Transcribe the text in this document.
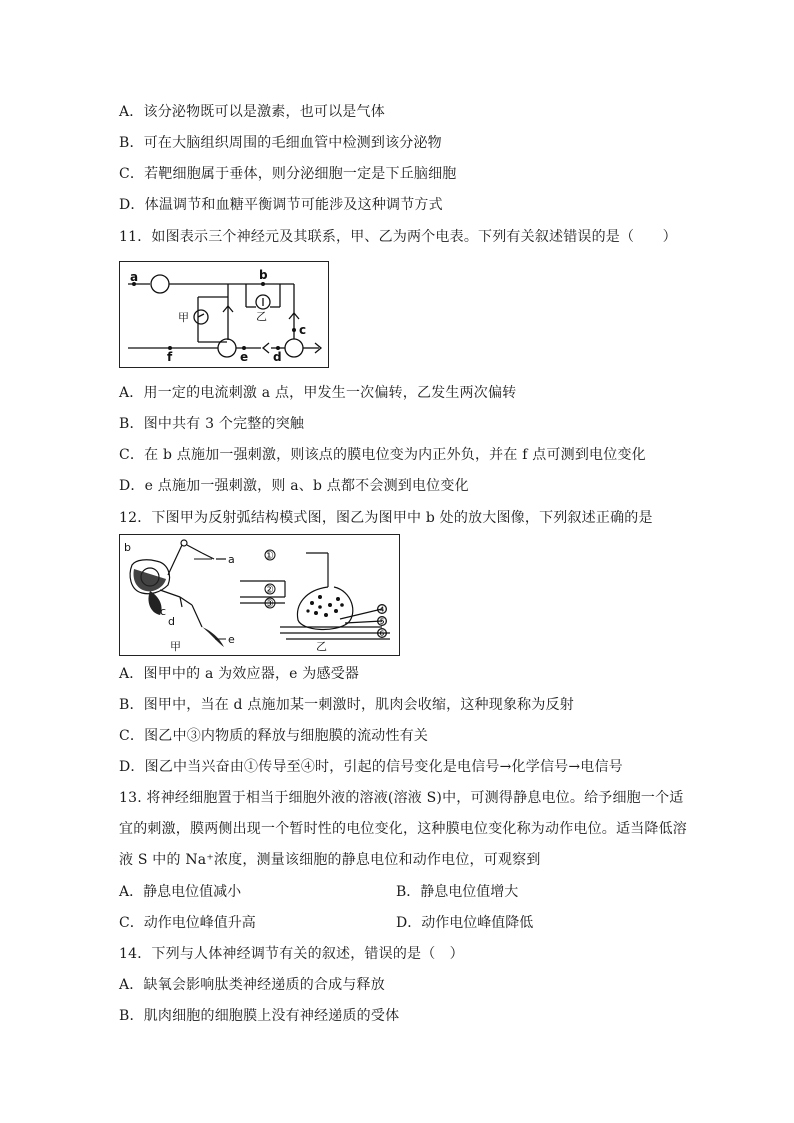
A．该分泌物既可以是激素，也可以是气体
B．可在大脑组织周围的毛细血管中检测到该分泌物
C．若靶细胞属于垂体，则分泌细胞一定是下丘脑细胞
D．体温调节和血糖平衡调节可能涉及这种调节方式
11．如图表示三个神经元及其联系，甲、乙为两个电表。下列有关叙述错误的是（　　）
a	b
c
d
e
f
甲	乙
A．用一定的电流刺激 a 点，甲发生一次偏转，乙发生两次偏转
B．图中共有 3 个完整的突触
C．在 b 点施加一强刺激，则该点的膜电位变为内正外负，并在 f 点可测到电位变化
D．e 点施加一强刺激，则 a、b 点都不会测到电位变化
12．下图甲为反射弧结构模式图，图乙为图甲中 b 处的放大图像，下列叙述正确的是
b
a
c
d
e
甲	乙
①
②
③	④
⑤
⑥
A．图甲中的 a 为效应器，e 为感受器
B．图甲中，当在 d 点施加某一刺激时，肌肉会收缩，这种现象称为反射
C．图乙中③内物质的释放与细胞膜的流动性有关
D．图乙中当兴奋由①传导至④时，引起的信号变化是电信号→化学信号→电信号
13. 将神经细胞置于相当于细胞外液的溶液(溶液 S)中，可测得静息电位。给予细胞一个适
宜的刺激，膜两侧出现一个暂时性的电位变化，这种膜电位变化称为动作电位。适当降低溶
液 S 中的 Na⁺浓度，测量该细胞的静息电位和动作电位，可观察到
A．静息电位值减小	B．静息电位值增大
C．动作电位峰值升高	D．动作电位峰值降低
14．下列与人体神经调节有关的叙述，错误的是（　）
A．缺氧会影响肽类神经递质的合成与释放
B．肌肉细胞的细胞膜上没有神经递质的受体
